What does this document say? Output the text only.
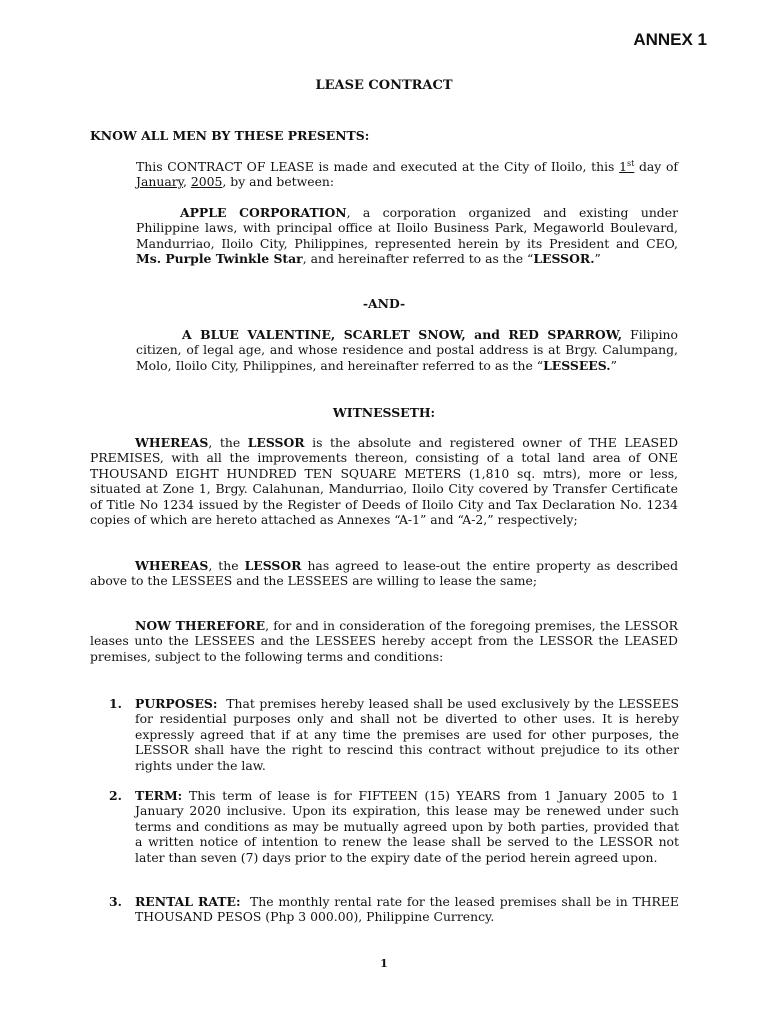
ANNEX 1
LEASE CONTRACT
KNOW ALL MEN BY THESE PRESENTS:
This CONTRACT OF LEASE is made and executed at the City of Iloilo, this 1st day of January, 2005, by and between:
APPLE CORPORATION, a corporation organized and existing under Philippine laws, with principal office at Iloilo Business Park, Megaworld Boulevard, Mandurriao, Iloilo City, Philippines, represented herein by its President and CEO, Ms. Purple Twinkle Star, and hereinafter referred to as the “LESSOR.”
-AND-
A BLUE VALENTINE, SCARLET SNOW, and RED SPARROW, Filipino citizen, of legal age, and whose residence and postal address is at Brgy. Calumpang, Molo, Iloilo City, Philippines, and hereinafter referred to as the “LESSEES.”
WITNESSETH:
WHEREAS, the LESSOR is the absolute and registered owner of THE LEASED PREMISES, with all the improvements thereon, consisting of a total land area of ONE THOUSAND EIGHT HUNDRED TEN SQUARE METERS (1,810 sq. mtrs), more or less, situated at Zone 1, Brgy. Calahunan, Mandurriao, Iloilo City covered by Transfer Certificate of Title No 1234 issued by the Register of Deeds of Iloilo City and Tax Declaration No. 1234 copies of which are hereto attached as Annexes “A-1” and “A-2,” respectively;
WHEREAS, the LESSOR has agreed to lease-out the entire property as described above to the LESSEES and the LESSEES are willing to lease the same;
NOW THEREFORE, for and in consideration of the foregoing premises, the LESSOR leases unto the LESSEES and the LESSEES hereby accept from the LESSOR the LEASED premises, subject to the following terms and conditions:
1.	PURPOSES:  That premises hereby leased shall be used exclusively by the LESSEES for residential purposes only and shall not be diverted to other uses. It is hereby expressly agreed that if at any time the premises are used for other purposes, the LESSOR shall have the right to rescind this contract without prejudice to its other rights under the law.
2.	TERM: This term of lease is for FIFTEEN (15) YEARS from 1 January 2005 to 1 January 2020 inclusive. Upon its expiration, this lease may be renewed under such terms and conditions as may be mutually agreed upon by both parties, provided that a written notice of intention to renew the lease shall be served to the LESSOR not later than seven (7) days prior to the expiry date of the period herein agreed upon.
3.	RENTAL RATE:  The monthly rental rate for the leased premises shall be in THREE THOUSAND PESOS (Php 3 000.00), Philippine Currency.
1
